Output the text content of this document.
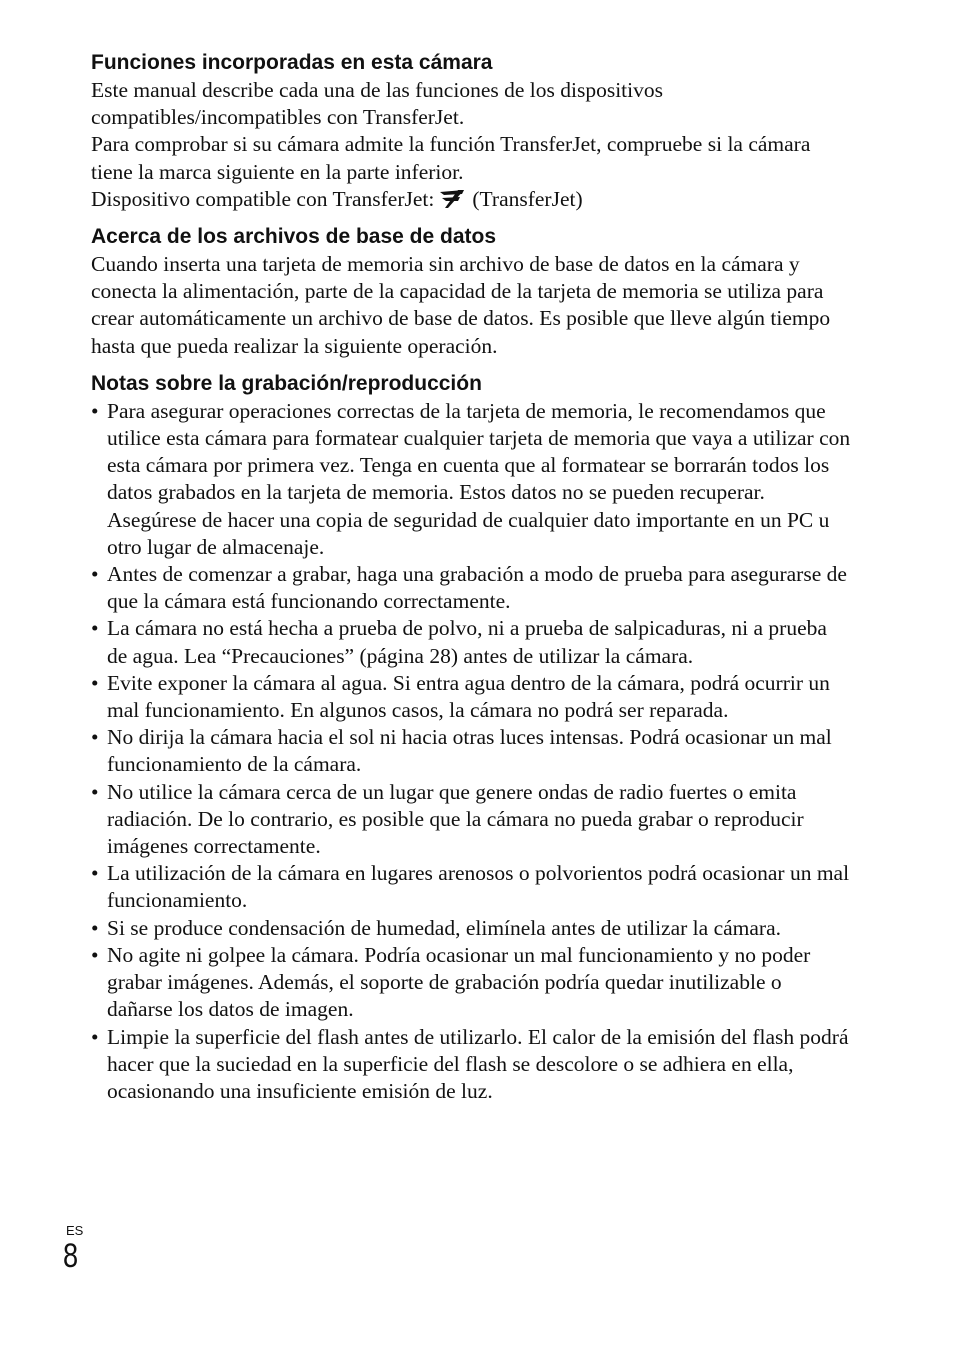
Funciones incorporadas en esta cámara

Este manual describe cada una de las funciones de los dispositivos compatibles/incompatibles con TransferJet.

Para comprobar si su cámara admite la función TransferJet, compruebe si la cámara tiene la marca siguiente en la parte inferior.

Dispositivo compatible con TransferJet: (TransferJet)

Acerca de los archivos de base de datos

Cuando inserta una tarjeta de memoria sin archivo de base de datos en la cámara y conecta la alimentación, parte de la capacidad de la tarjeta de memoria se utiliza para crear automáticamente un archivo de base de datos. Es posible que lleve algún tiempo hasta que pueda realizar la siguiente operación.

Notas sobre la grabación/reproducción
• Para asegurar operaciones correctas de la tarjeta de memoria, le recomendamos que utilice esta cámara para formatear cualquier tarjeta de memoria que vaya a utilizar con esta cámara por primera vez. Tenga en cuenta que al formatear se borrarán todos los datos grabados en la tarjeta de memoria. Estos datos no se pueden recuperar. Asegúrese de hacer una copia de seguridad de cualquier dato importante en un PC u otro lugar de almacenaje.
• Antes de comenzar a grabar, haga una grabación a modo de prueba para asegurarse de que la cámara está funcionando correctamente.
• La cámara no está hecha a prueba de polvo, ni a prueba de salpicaduras, ni a prueba de agua. Lea “Precauciones” (página 28) antes de utilizar la cámara.
• Evite exponer la cámara al agua. Si entra agua dentro de la cámara, podrá ocurrir un mal funcionamiento. En algunos casos, la cámara no podrá ser reparada.
• No dirija la cámara hacia el sol ni hacia otras luces intensas. Podrá ocasionar un mal funcionamiento de la cámara.
• No utilice la cámara cerca de un lugar que genere ondas de radio fuertes o emita radiación. De lo contrario, es posible que la cámara no pueda grabar o reproducir imágenes correctamente.
• La utilización de la cámara en lugares arenosos o polvorientos podrá ocasionar un mal funcionamiento.
• Si se produce condensación de humedad, elimínela antes de utilizar la cámara.
• No agite ni golpee la cámara. Podría ocasionar un mal funcionamiento y no poder grabar imágenes. Además, el soporte de grabación podría quedar inutilizable o dañarse los datos de imagen.
• Limpie la superficie del flash antes de utilizarlo. El calor de la emisión del flash podrá hacer que la suciedad en la superficie del flash se descolore o se adhiera en ella, ocasionando una insuficiente emisión de luz.
ES
8
